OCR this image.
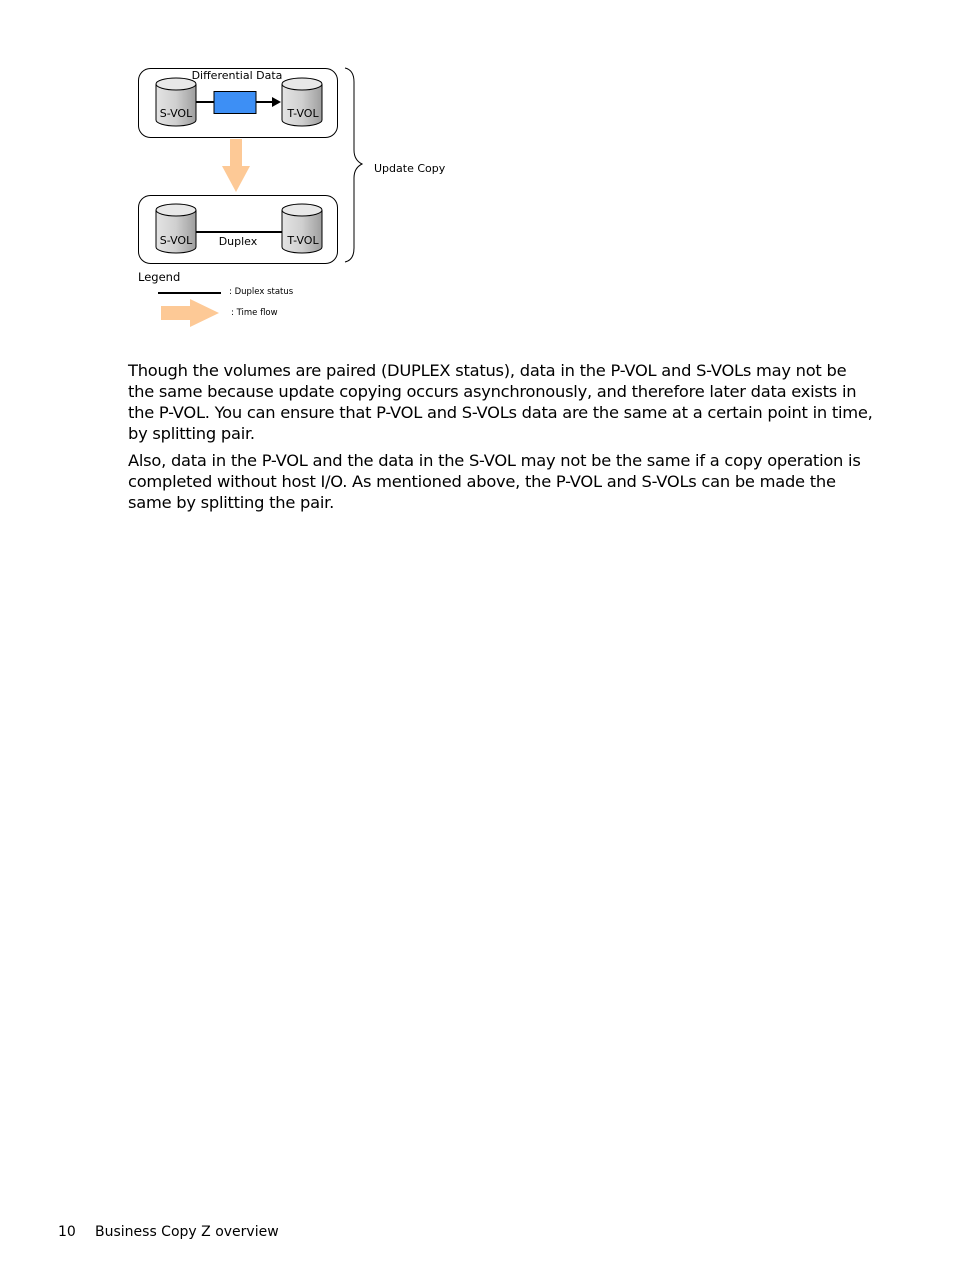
Differential Data
S-VOL	T-VOL
S-VOL	T-VOL
Duplex
Update Copy
Legend
: Duplex status
: Time flow

Though the volumes are paired (DUPLEX status), data in the P-VOL and S-VOLs may not be the same because update copying occurs asynchronously, and therefore later data exists in the P-VOL. You can ensure that P-VOL and S-VOLs data are the same at a certain point in time, by splitting pair.

Also, data in the P-VOL and the data in the S-VOL may not be the same if a copy operation is completed without host I/O. As mentioned above, the P-VOL and S-VOLs can be made the same by splitting the pair.

10 Business Copy Z overview
